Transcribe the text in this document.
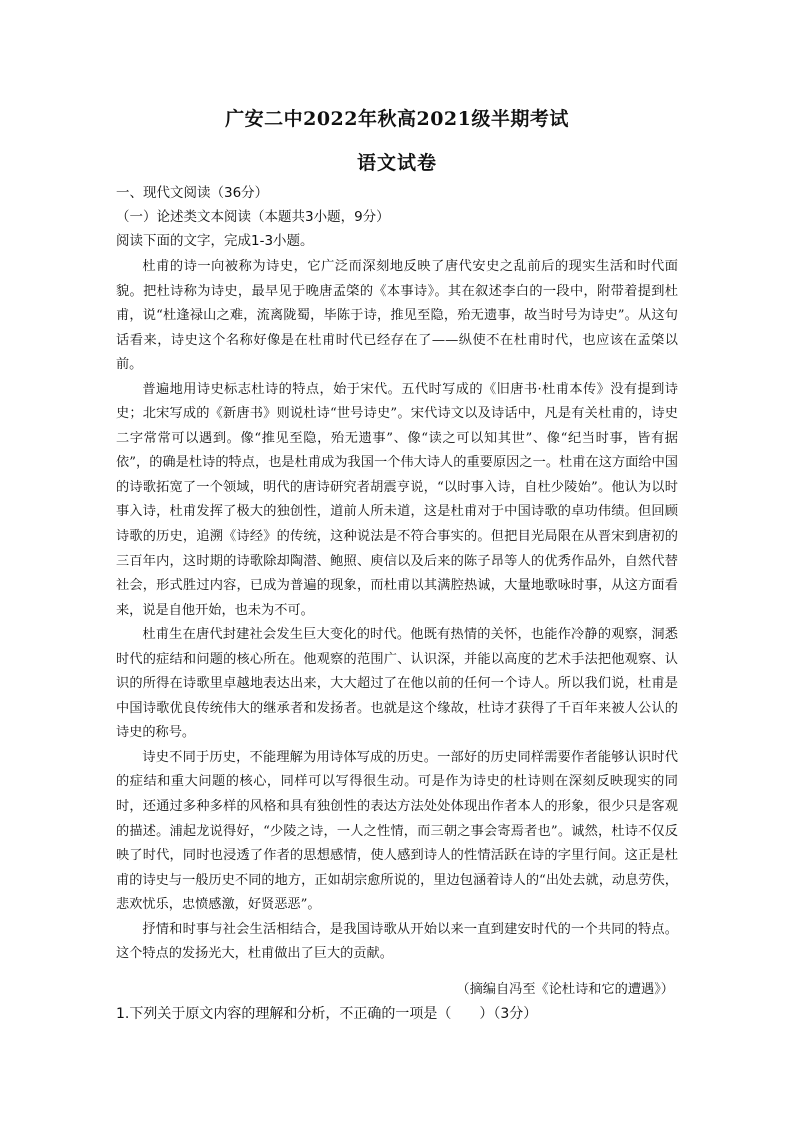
广安二中2022年秋高2021级半期考试
语文试卷
一、现代文阅读（36分）
（一）论述类文本阅读（本题共3小题，9分）
阅读下面的文字，完成1-3小题。

杜甫的诗一向被称为诗史，它广泛而深刻地反映了唐代安史之乱前后的现实生活和时代面貌。把杜诗称为诗史，最早见于晚唐孟棨的《本事诗》。其在叙述李白的一段中，附带着提到杜甫，说“杜逢禄山之难，流离陇蜀，毕陈于诗，推见至隐，殆无遗事，故当时号为诗史”。从这句话看来，诗史这个名称好像是在杜甫时代已经存在了——纵使不在杜甫时代，也应该在孟棨以前。

普遍地用诗史标志杜诗的特点，始于宋代。五代时写成的《旧唐书·杜甫本传》没有提到诗史；北宋写成的《新唐书》则说杜诗“世号诗史”。宋代诗文以及诗话中，凡是有关杜甫的，诗史二字常常可以遇到。像“推见至隐，殆无遗事”、像“读之可以知其世”、像“纪当时事，皆有据依”，的确是杜诗的特点，也是杜甫成为我国一个伟大诗人的重要原因之一。杜甫在这方面给中国的诗歌拓宽了一个领域，明代的唐诗研究者胡震亨说，“以时事入诗，自杜少陵始”。他认为以时事入诗，杜甫发挥了极大的独创性，道前人所未道，这是杜甫对于中国诗歌的卓功伟绩。但回顾诗歌的历史，追溯《诗经》的传统，这种说法是不符合事实的。但把目光局限在从晋宋到唐初的三百年内，这时期的诗歌除却陶潜、鲍照、庾信以及后来的陈子昂等人的优秀作品外，自然代替社会，形式胜过内容，已成为普遍的现象，而杜甫以其满腔热诚，大量地歌咏时事，从这方面看来，说是自他开始，也未为不可。

杜甫生在唐代封建社会发生巨大变化的时代。他既有热情的关怀，也能作冷静的观察，洞悉时代的症结和问题的核心所在。他观察的范围广、认识深，并能以高度的艺术手法把他观察、认识的所得在诗歌里卓越地表达出来，大大超过了在他以前的任何一个诗人。所以我们说，杜甫是中国诗歌优良传统伟大的继承者和发扬者。也就是这个缘故，杜诗才获得了千百年来被人公认的诗史的称号。

诗史不同于历史，不能理解为用诗体写成的历史。一部好的历史同样需要作者能够认识时代的症结和重大问题的核心，同样可以写得很生动。可是作为诗史的杜诗则在深刻反映现实的同时，还通过多种多样的风格和具有独创性的表达方法处处体现出作者本人的形象，很少只是客观的描述。浦起龙说得好，“少陵之诗，一人之性情，而三朝之事会寄焉者也”。诚然，杜诗不仅反映了时代，同时也浸透了作者的思想感情，使人感到诗人的性情活跃在诗的字里行间。这正是杜甫的诗史与一般历史不同的地方，正如胡宗愈所说的，里边包涵着诗人的“出处去就，动息劳佚，悲欢忧乐，忠愤感激，好贤恶恶”。

抒情和时事与社会生活相结合，是我国诗歌从开始以来一直到建安时代的一个共同的特点。这个特点的发扬光大，杜甫做出了巨大的贡献。

（摘编自冯至《论杜诗和它的遭遇》）
1.下列关于原文内容的理解和分析，不正确的一项是（　　）（3分）
